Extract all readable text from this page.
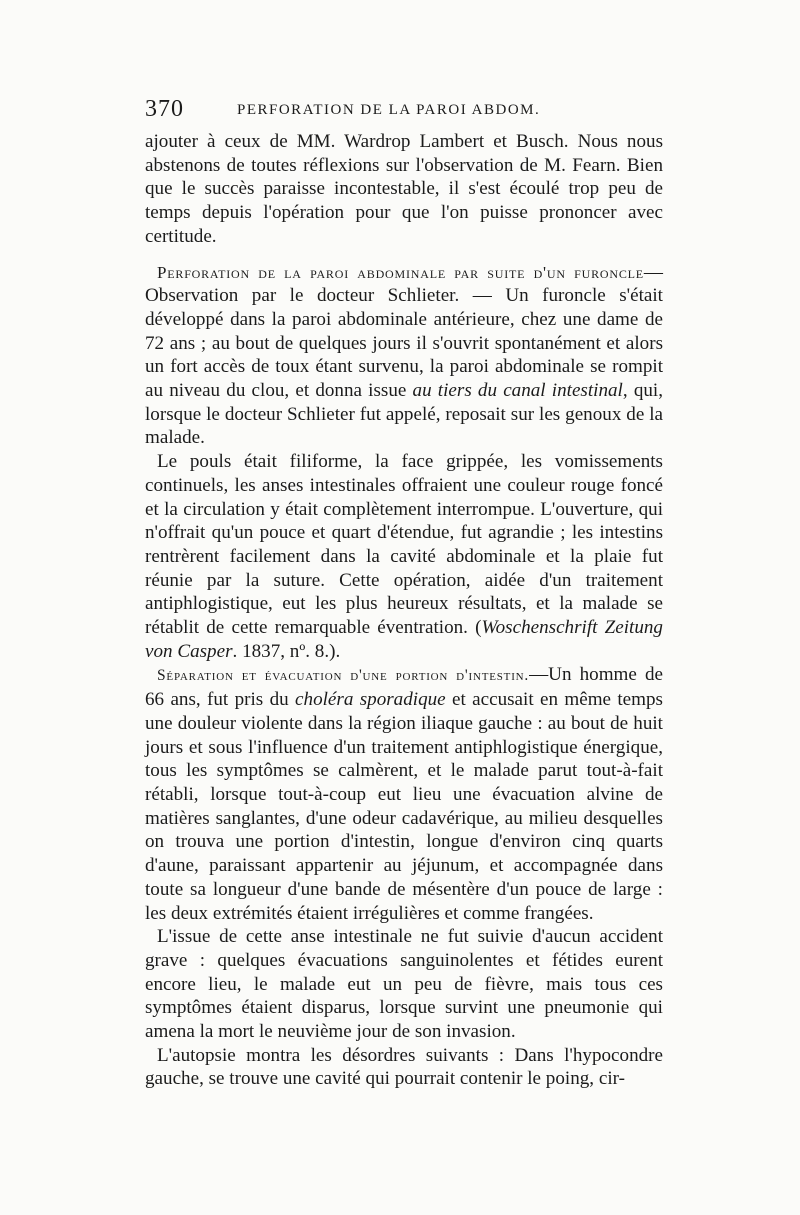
370	PERFORATION DE LA PAROI ABDOM.

ajouter à ceux de MM. Wardrop Lambert et Busch. Nous nous abstenons de toutes réflexions sur l'observation de M. Fearn. Bien que le succès paraisse incontestable, il s'est écoulé trop peu de temps depuis l'opération pour que l'on puisse prononcer avec certitude.

Perforation de la paroi abdominale par suite d'un furoncle—Observation par le docteur Schlieter. — Un furoncle s'était développé dans la paroi abdominale antérieure, chez une dame de 72 ans ; au bout de quelques jours il s'ouvrit spontanément et alors un fort accès de toux étant survenu, la paroi abdominale se rompit au niveau du clou, et donna issue au tiers du canal intestinal, qui, lorsque le docteur Schlieter fut appelé, reposait sur les genoux de la malade.

Le pouls était filiforme, la face grippée, les vomissements continuels, les anses intestinales offraient une couleur rouge foncé et la circulation y était complètement interrompue. L'ouverture, qui n'offrait qu'un pouce et quart d'étendue, fut agrandie ; les intestins rentrèrent facilement dans la cavité abdominale et la plaie fut réunie par la suture. Cette opération, aidée d'un traitement antiphlogistique, eut les plus heureux résultats, et la malade se rétablit de cette remarquable éventration. (Woschenschrift Zeitung von Casper. 1837, nº. 8.).

Séparation et évacuation d'une portion d'intestin.—Un homme de 66 ans, fut pris du choléra sporadique et accusait en même temps une douleur violente dans la région iliaque gauche : au bout de huit jours et sous l'influence d'un traitement antiphlogistique énergique, tous les symptômes se calmèrent, et le malade parut tout-à-fait rétabli, lorsque tout-à-coup eut lieu une évacuation alvine de matières sanglantes, d'une odeur cadavérique, au milieu desquelles on trouva une portion d'intestin, longue d'environ cinq quarts d'aune, paraissant appartenir au jéjunum, et accompagnée dans toute sa longueur d'une bande de mésentère d'un pouce de large : les deux extrémités étaient irrégulières et comme frangées.

L'issue de cette anse intestinale ne fut suivie d'aucun accident grave : quelques évacuations sanguinolentes et fétides eurent encore lieu, le malade eut un peu de fièvre, mais tous ces symptômes étaient disparus, lorsque survint une pneumonie qui amena la mort le neuvième jour de son invasion.

L'autopsie montra les désordres suivants : Dans l'hypocondre gauche, se trouve une cavité qui pourrait contenir le poing, cir-
